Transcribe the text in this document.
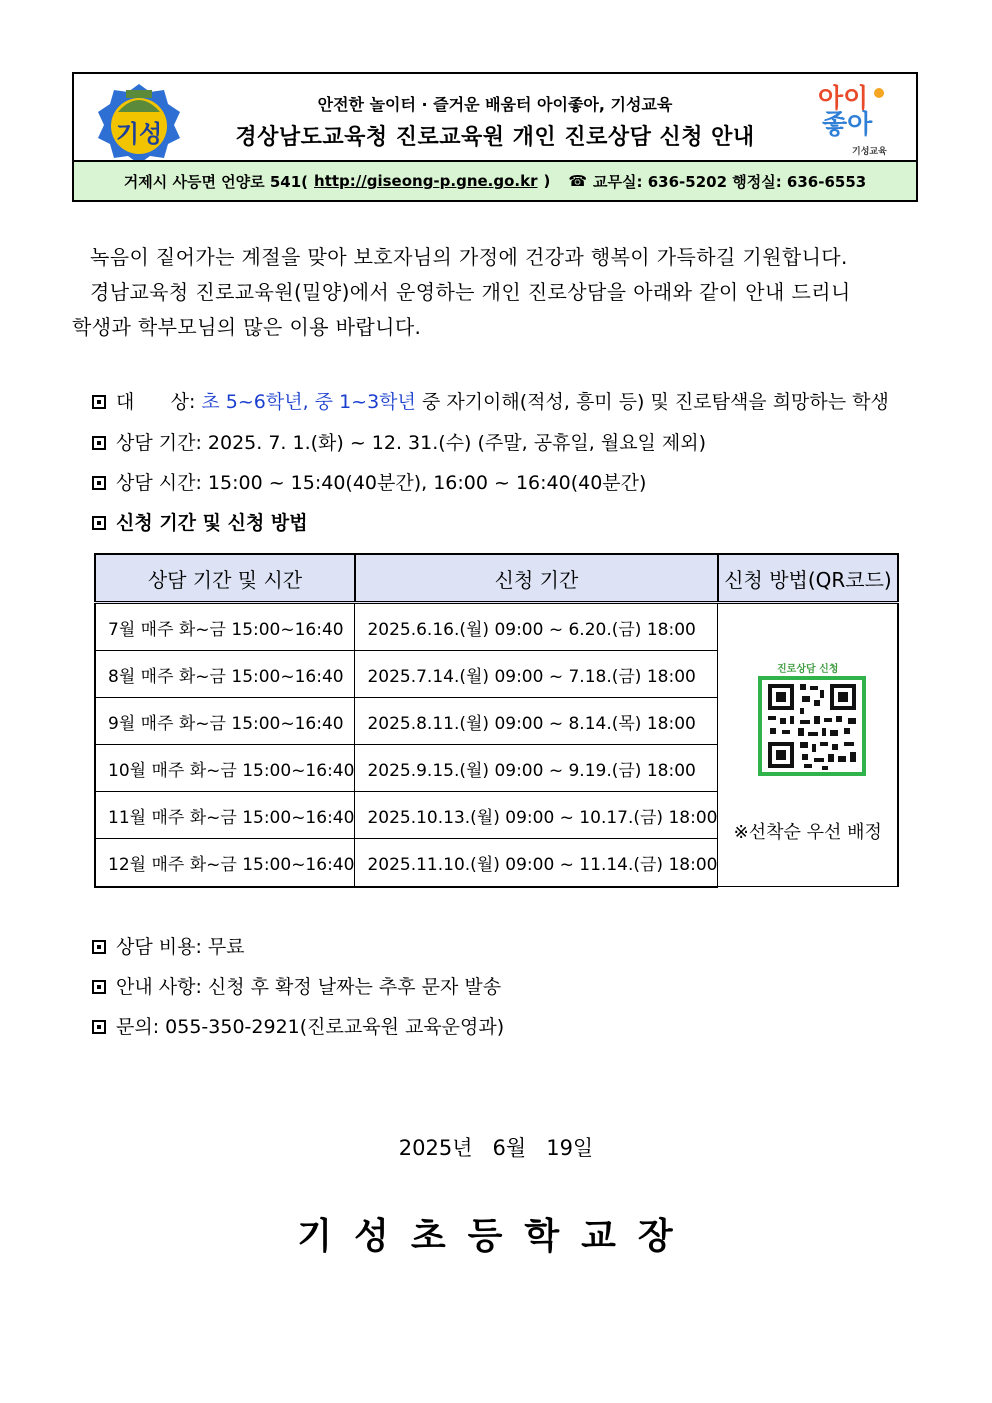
기성
안전한 놀이터 · 즐거운 배움터 아이좋아, 기성교육
경상남도교육청 진로교육원 개인 진로상담 신청 안내
아이
좋아
기성교육
거제시 사등면 언양로 541( http://giseong-p.gne.go.kr ) ☎ 교무실: 636-5202 행정실: 636-6553
녹음이 짙어가는 계절을 맞아 보호자님의 가정에 건강과 행복이 가득하길 기원합니다.
경남교육청 진로교육원(밀양)에서 운영하는 개인 진로상담을 아래와 같이 안내 드리니
학생과 학부모님의 많은 이용 바랍니다.
대      상: 초 5~6학년, 중 1~3학년 중 자기이해(적성, 흥미 등) 및 진로탐색을 희망하는 학생
상담 기간: 2025. 7. 1.(화) ~ 12. 31.(수) (주말, 공휴일, 월요일 제외)
상담 시간: 15:00 ~ 15:40(40분간), 16:00 ~ 16:40(40분간)
신청 기간 및 신청 방법
상담 기간 및 시간	신청 기간	신청 방법(QR코드)
7월 매주 화~금 15:00~16:40	2025.6.16.(월) 09:00 ~ 6.20.(금) 18:00	진로상담 신청
※선착순 우선 배정

8월 매주 화~금 15:00~16:40	2025.7.14.(월) 09:00 ~ 7.18.(금) 18:00	
9월 매주 화~금 15:00~16:40	2025.8.11.(월) 09:00 ~ 8.14.(목) 18:00	
10월 매주 화~금 15:00~16:40	2025.9.15.(월) 09:00 ~ 9.19.(금) 18:00	
11월 매주 화~금 15:00~16:40	2025.10.13.(월) 09:00 ~ 10.17.(금) 18:00	
12월 매주 화~금 15:00~16:40	2025.11.10.(월) 09:00 ~ 11.14.(금) 18:00	
상담 비용: 무료
안내 사항: 신청 후 확정 날짜는 추후 문자 발송
문의: 055-350-2921(진로교육원 교육운영과)
2025년   6월   19일
기성초등학교장
